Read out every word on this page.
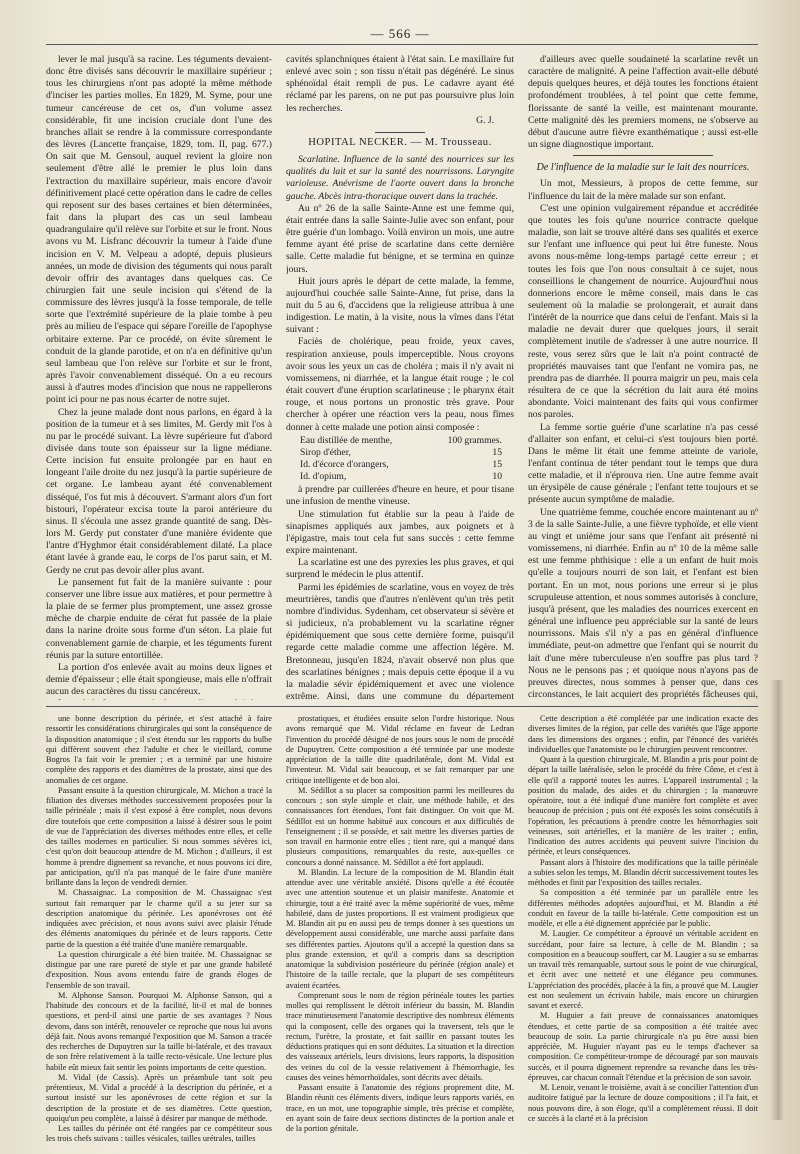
— 566 —

lever le mal jusqu'à sa racine. Les téguments devaient-donc être divisés sans découvrir le maxillaire supérieur ; tous les chirurgiens n'ont pas adopté la même méthode d'inciser les parties molles. En 1829, M. Syme, pour une tumeur cancéreuse de cet os, d'un volume assez considérable, fit une incision cruciale dont l'une des branches allait se rendre à la commissure correspondante des lèvres (Lancette française, 1829, tom. II, pag. 677.) On sait que M. Gensoul, auquel revient la gloire non seulement d'être allé le premier le plus loin dans l'extraction du maxillaire supérieur, mais encore d'avoir définitivement placé cette opération dans le cadre de celles qui reposent sur des bases certaines et bien déterminées, fait dans la plupart des cas un seul lambeau quadrangulaire qu'il relève sur l'orbite et sur le front. Nous avons vu M. Lisfranc découvrir la tumeur à l'aide d'une incision en V. M. Velpeau a adopté, depuis plusieurs années, un mode de division des téguments qui nous paraît devoir offrir des avantages dans quelques cas. Ce chirurgien fait une seule incision qui s'étend de la commissure des lèvres jusqu'à la fosse temporale, de telle sorte que l'extrémité supérieure de la plaie tombe à peu près au milieu de l'espace qui sépare l'oreille de l'apophyse orbitaire externe. Par ce procédé, on évite sûrement le conduit de la glande parotide, et on n'a en définitive qu'un seul lambeau que l'on relève sur l'orbite et sur le front, après l'avoir convenablement disséqué. On a eu recours aussi à d'autres modes d'incision que nous ne rappellerons point ici pour ne pas nous écarter de notre sujet.

Chez la jeune malade dont nous parlons, en égard à la position de la tumeur et à ses limites, M. Gerdy mit l'os à nu par le procédé suivant. La lèvre supérieure fut d'abord divisée dans toute son épaisseur sur la ligne médiane. Cette incision fut ensuite prolongée par en haut en longeant l'aile droite du nez jusqu'à la partie supérieure de cet organe. Le lambeau ayant été convenablement disséqué, l'os fut mis à découvert. S'armant alors d'un fort bistouri, l'opérateur excisa toute la paroi antérieure du sinus. Il s'écoula une assez grande quantité de sang. Dès-lors M. Gerdy put constater d'une manière évidente que l'antre d'Hyghmor était considérablement dilaté. La place étant lavée à grande eau, le corps de l'os parut sain, et M. Gerdy ne crut pas devoir aller plus avant.

Le pansement fut fait de la manière suivante : pour conserver une libre issue aux matières, et pour permettre à la plaie de se fermer plus promptement, une assez grosse mèche de charpie enduite de cérat fut passée de la plaie dans la narine droite sous forme d'un séton. La plaie fut convenablement garnie de charpie, et les téguments furent réunis par la suture entortillée.

La portion d'os enlevée avait au moins deux lignes et demie d'épaisseur ; elle était spongieuse, mais elle n'offrait aucun des caractères du tissu cancéreux.

cavités splanchniques étaient à l'état sain. Le maxillaire fut enlevé avec soin ; son tissu n'était pas dégénéré. Le sinus sphénoïdal était rempli de pus. Le cadavre ayant été réclamé par les parens, on ne put pas poursuivre plus loin les recherches.

G. J.
HOPITAL NECKER. — M. Trousseau.

Scarlatine. Influence de la santé des nourrices sur les qualités du lait et sur la santé des nourrissons. Laryngite varioleuse. Anévrisme de l'aorte ouvert dans la bronche gauche. Abcès intra-thoracique ouvert dans la trachée.

Au nº 26 de la salle Sainte-Anne est une femme qui, était entrée dans la salle Sainte-Julie avec son enfant, pour être guérie d'un lombago. Voilà environ un mois, une autre femme ayant été prise de scarlatine dans cette dernière salle. Cette maladie fut bénigne, et se termina en quinze jours.

Huit jours après le départ de cette malade, la femme, aujourd'hui couchée salle Sainte-Anne, fut prise, dans la nuit du 5 au 6, d'accidens que la religieuse attribua à une indigestion. Le matin, à la visite, nous la vîmes dans l'état suivant :

Faciès de cholérique, peau froide, yeux caves, respiration anxieuse, pouls imperceptible. Nous croyons avoir sous les yeux un cas de choléra ; mais il n'y avait ni vomissemens, ni diarrhée, et la langue était rouge ; le col était couvert d'une éruption scarlatineuse ; le pharynx était rouge, et nous portons un pronostic très grave. Pour chercher à opérer une réaction vers la peau, nous fîmes donner à cette malade une potion ainsi composée :

Eau distillée de menthe,	100 grammes.
Sirop d'éther,	15
Id. d'écorce d'orangers,	15
Id. d'opium,	10

à prendre par cuillerées d'heure en heure, et pour tisane une infusion de menthe vineuse.

Une stimulation fut établie sur la peau à l'aide de sinapismes appliqués aux jambes, aux poignets et à l'épigastre, mais tout cela fut sans succès : cette femme expire maintenant.

La scarlatine est une des pyrexies les plus graves, et qui surprend le médecin le plus attentif.

Parmi les épidémies de scarlatine, vous en voyez de très meurtrières, tandis que d'autres n'enlèvent qu'un très petit nombre d'individus. Sydenham, cet observateur si sévère et si judicieux, n'a probablement vu la scarlatine régner épidémiquement que sous cette dernière forme, puisqu'il regarde cette maladie comme une affection légère. M. Bretonneau, jusqu'en 1824, n'avait observé non plus que des scarlatines bénignes ; mais depuis cette époque il a vu la maladie sévir épidémiquement et avec une violence extrême. Ainsi, dans une commune du département

d'ailleurs avec quelle soudaineté la scarlatine revêt un caractère de malignité. A peine l'affection avait-elle débuté depuis quelques heures, et déjà toutes les fonctions étaient profondément troublées, à tel point que cette femme, florissante de santé la veille, est maintenant mourante. Cette malignité dès les premiers momens, ne s'observe au début d'aucune autre fièvre exanthématique ; aussi est-elle un signe diagnostique important.

De l'influence de la maladie sur le lait des nourrices.

Un mot, Messieurs, à propos de cette femme, sur l'influence du lait de la mère malade sur son enfant.

C'est une opinion vulgairement répandue et accréditée que toutes les fois qu'une nourrice contracte quelque maladie, son lait se trouve altéré dans ses qualités et exerce sur l'enfant une influence qui peut lui être funeste. Nous avons nous-même long-temps partagé cette erreur ; et toutes les fois que l'on nous consultait à ce sujet, nous conseillions le changement de nourrice. Aujourd'hui nous donnerions encore le même conseil, mais dans le cas seulement où la maladie se prolongerait, et aurait dans l'intérêt de la nourrice que dans celui de l'enfant. Mais si la maladie ne devait durer que quelques jours, il serait complètement inutile de s'adresser à une autre nourrice. Il reste, vous serez sûrs que le lait n'a point contracté de propriétés mauvaises tant que l'enfant ne vomira pas, ne prendra pas de diarrhée. Il pourra maigrir un peu, mais cela résultera de ce que la sécrétion du lait aura été moins abondante. Voici maintenant des faits qui vous confirmer nos paroles.

La femme sortie guérie d'une scarlatine n'a pas cessé d'allaiter son enfant, et celui-ci s'est toujours bien porté. Dans le même lit était une femme atteinte de variole, l'enfant continua de téter pendant tout le temps que dura cette maladie, et il n'éprouva rien. Une autre femme avait un érysipèle de cause générale ; l'enfant tette toujours et se présente aucun symptôme de maladie.

Une quatrième femme, couchée encore maintenant au nº 3 de la salle Sainte-Julie, a une fièvre typhoïde, et elle vient au vingt et unième jour sans que l'enfant ait présenté ni vomissemens, ni diarrhée. Enfin au nº 10 de la même salle est une femme phthisique : elle a un enfant de huit mois qu'elle a toujours nourri de son lait, et l'enfant est bien portant. En un mot, nous porions une erreur si je plus scrupuleuse attention, et nous sommes autorisés à conclure, jusqu'à présent, que les maladies des nourrices exercent en général une influence peu appréciable sur la santé de leurs nourrissons. Mais s'il n'y a pas en général d'influence immédiate, peut-on admettre que l'enfant qui se nourrit du lait d'une mère tuberculeuse n'en souffre pas plus tard ? Nous ne le pensons pas ; et quoique nous n'ayons pas de preuves directes, nous sommes à penser que, dans ces circonstances, le lait acquiert des propriétés fâcheuses qui,

une bonne description du périnée, et s'est attaché à faire ressortir les considérations chirurgicales qui sont la conséquence de la disposition anatomique ; il s'est étendu sur les rapports du bulbe qui diffèrent souvent chez l'adulte et chez le vieillard, comme Bogros l'a fait voir le premier ; et a terminé par une histoire complète des rapports et des diamètres de la prostate, ainsi que des anomalies de cet organe.

Passant ensuite à la question chirurgicale, M. Michon a tracé la filiation des diverses méthodes successivement proposées pour la taille périnéale ; mais il s'est exposé à être complet, nous devons dire toutefois que cette composition a laissé à désirer sous le point de vue de l'appréciation des diverses méthodes entre elles, et celle des tailles modernes en particulier. Si nous sommes sévères ici, c'est qu'on doit beaucoup attendre de M. Michon ; d'ailleurs, il est homme à prendre dignement sa revanche, et nous pouvons ici dire, par anticipation, qu'il n'a pas manqué de le faire d'une manière brillante dans la leçon de vendredi dernier.

M. Chassaignac. La composition de M. Chassaignac s'est surtout fait remarquer par le charme qu'il a su jeter sur sa description anatomique du périnée. Les aponévroses ont été indiquées avec précision, et nous avons suivi avec plaisir l'étude des éléments anatomiques du périnée et de leurs rapports. Cette partie de la question a été traitée d'une manière remarquable.

La question chirurgicale a été bien traitée. M. Chassaignac se distingue par une rare pureté de style et par une grande habileté d'exposition. Nous avons entendu faire de grands éloges de l'ensemble de son travail.

M. Alphonse Sanson. Pourquoi M. Alphonse Sanson, qui a l'habitude des concours et de la facilité, lit-il et mal de bonnes questions, et perd-il ainsi une partie de ses avantages ? Nous devons, dans son intérêt, renouveler ce reproche que nous lui avons déjà fait. Nous avons remarqué l'exposition que M. Sanson a tracée des recherches de Dupuytren sur la taille bi-latérale, et des travaux de son frère relativement à la taille recto-vésicale. Une lecture plus habile eût mieux fait sentir les points importants de cette question.

M. Vidal (de Cassis). Après un préambule tant soit peu prétentieux, M. Vidal a procédé à la description du périnée, et a surtout insisté sur les aponévroses de cette région et sur la description de la prostate et de ses diamètres. Cette question, quoiqu'un peu complète, a laissé à désirer par manque de méthode.

Les tailles du périnée ont été rangées par ce compétiteur sous les trois chefs suivans : tailles vésicales, tailles urétrales, tailles

prostatiques, et étudiées ensuite selon l'ordre historique. Nous avons remarqué que M. Vidal réclame en faveur de Ledran l'invention du procédé désigné de nos jours sous le nom de procédé de Dupuytren. Cette composition a été terminée par une modeste appréciation de la taille dite quadrilatérale, dont M. Vidal est l'inventeur. M. Vidal sait beaucoup, et se fait remarquer par une critique intelligente et de bon aloi.

M. Sédillot a su placer sa composition parmi les meilleures du concours ; son style simple et clair, une méthode habile, et des connaissances fort étendues, l'ont fait distinguer. On voit que M. Sédillot est un homme habitué aux concours et aux difficultés de l'enseignement ; il se possède, et sait mettre les diverses parties de son travail en harmonie entre elles ; tient rare, qui a manqué dans plusieurs compositions, remarquables du reste, aux-quelles ce concours a donné naissance. M. Sédillot a été fort applaudi.

M. Blandin. La lecture de la composition de M. Blandin était attendue avec une véritable anxiété. Disons qu'elle a été écoutée avec une attention soutenue et un plaisir manifeste. Anatomie et chirurgie, tout a été traité avec la même supériorité de vues, même habileté, dans de justes proportions. Il est vraiment prodigieux que M. Blandin ait pu en aussi peu de temps donner à ses questions un développement aussi considérable, une marche aussi parfaite dans ses différentes parties. Ajoutons qu'il a accepté la question dans sa plus grande extension, et qu'il a compris dans sa description anatomique la subdivision postérieure du périnée (région anale) et l'histoire de la taille rectale, que la plupart de ses compétiteurs avaient écartées.

Comprenant sous le nom de région périnéale toutes les parties molles qui remplissent le détroit inférieur du bassin, M. Blandin trace minutieusement l'anatomie descriptive des nombreux éléments qui la composent, celle des organes qui la traversent, tels que le rectum, l'urètre, la prostate, et fait saillir en passant toutes les déductions pratiques qui en sont déduites. La situation et la direction des vaisseaux artériels, leurs divisions, leurs rapports, la disposition des veines du col de la vessie relativement à l'hémorrhagie, les causes des veines hémorrhoïdales, sont décrits avec détails.

Passant ensuite à l'anatomie des régions proprement dite, M. Blandin réunit ces éléments divers, indique leurs rapports variés, en trace, en un mot, une topographie simple, très précise et complète, en ayant soin de faire deux sections distinctes de la portion anale et de la portion génitale.

Cette description a été complétée par une indication exacte des diverses limites de la région, par celle des variétés que l'âge apporte dans les dimensions des organes ; enfin, par l'énoncé des variétés individuelles que l'anatomiste ou le chirurgien peuvent rencontrer.

Quant à la question chirurgicale, M. Blandin a pris pour point de départ la taille latéralisée, selon le procédé du frère Côme, et c'est à elle qu'il a rapporté toutes les autres. L'appareil instrumental ; la position du malade, des aides et du chirurgien ; la manœuvre opératoire, tout a été indiqué d'une manière fort complète et avec beaucoup de précision ; puis ont été exposés les soins consécutifs à l'opération, les précautions à prendre contre les hémorrhagies soit veineuses, soit artérielles, et la manière de les traiter ; enfin, l'indication des autres accidents qui peuvent suivre l'incision du périnée, et leurs conséquences.

Passant alors à l'histoire des modifications que la taille périnéale a subies selon les temps, M. Blandin décrit successivement toutes les méthodes et finit par l'exposition des tailles rectales.

Sa composition a été terminée par un parallèle entre les différentes méthodes adoptées aujourd'hui, et M. Blandin a été conduit en faveur de la taille bi-latérale. Cette composition est un modèle, et elle a été dignement appréciée par le public.

M. Laugier. Ce compétiteur a éprouvé un véritable accident en succédant, pour faire sa lecture, à celle de M. Blandin ; sa composition en a beaucoup souffert, car M. Laugier a su se embarras un travail très remarquable, surtout sous le point de vue chirurgical, et écrit avec une netteté et une élégance peu communes. L'appréciation des procédés, placée à la fin, a prouvé que M. Laugier est non seulement un écrivain habile, mais encore un chirurgien savant et exercé.

M. Huguier a fait preuve de connaissances anatomiques étendues, et cette partie de sa composition a été traitée avec beaucoup de soin. La partie chirurgicale n'a pu être aussi bien appréciée, M. Huguier n'ayant pas eu le temps d'achever sa composition. Ce compétiteur-trompe de découragé par son mauvais succès, et il pourra dignement reprendre sa revanche dans les très-épreuves, car chacun connaît l'étendue et la précision de son savoir.

M. Lenoir, venant le troisième, avait à se concilier l'attention d'un auditoire fatigué par la lecture de douze compositions ; il l'a fait, et nous pouvons dire, à son éloge, qu'il a complètement réussi. Il doit ce succès à la clarté et à la précision
